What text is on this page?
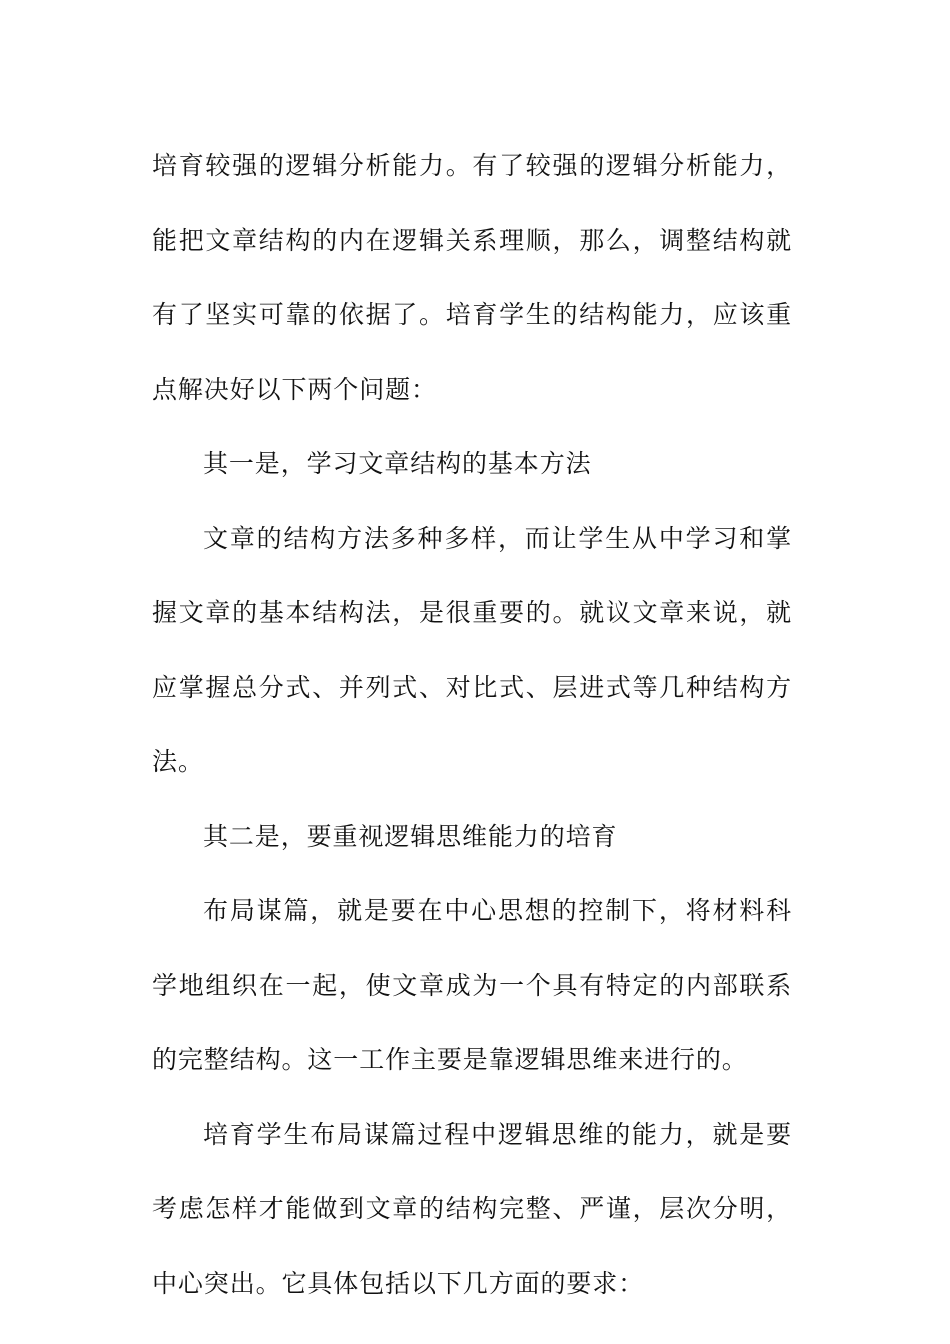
培育较强的逻辑分析能力。有了较强的逻辑分析能力，能把文章结构的内在逻辑关系理顺，那么，调整结构就有了坚实可靠的依据了。培育学生的结构能力，应该重点解决好以下两个问题：

其一是，学习文章结构的基本方法

文章的结构方法多种多样，而让学生从中学习和掌握文章的基本结构法，是很重要的。就议文章来说，就应掌握总分式、并列式、对比式、层进式等几种结构方法。

其二是，要重视逻辑思维能力的培育

布局谋篇，就是要在中心思想的控制下，将材料科学地组织在一起，使文章成为一个具有特定的内部联系的完整结构。这一工作主要是靠逻辑思维来进行的。

培育学生布局谋篇过程中逻辑思维的能力，就是要考虑怎样才能做到文章的结构完整、严谨，层次分明，中心突出。它具体包括以下几方面的要求：
